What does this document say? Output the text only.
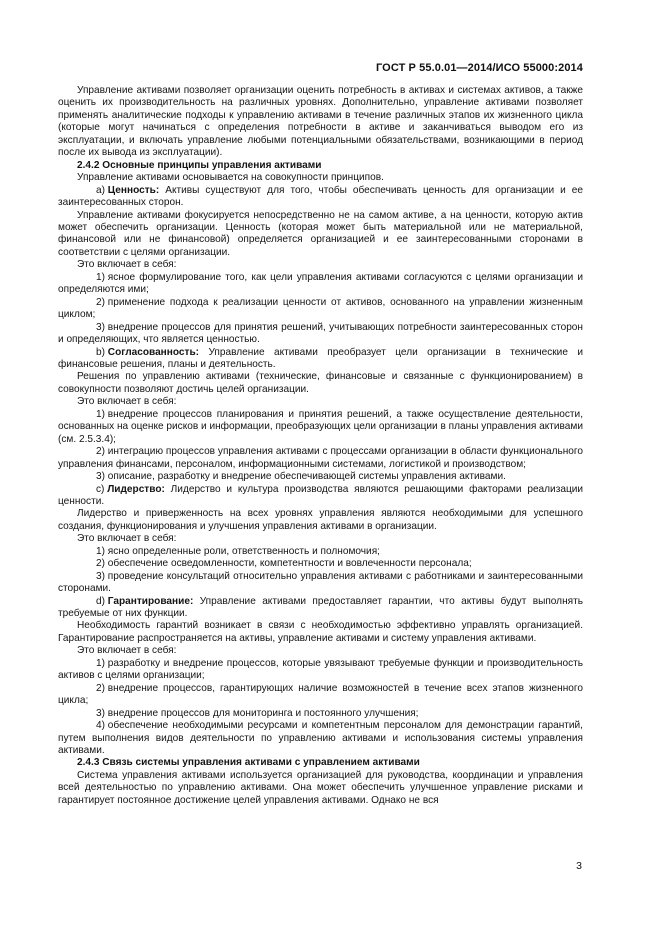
ГОСТ Р 55.0.01—2014/ИСО 55000:2014

Управление активами позволяет организации оценить потребность в активах и системах активов, а также оценить их производительность на различных уровнях. Дополнительно, управление активами позволяет применять аналитические подходы к управлению активами в течение различных этапов их жизненного цикла (которые могут начинаться с определения потребности в активе и заканчиваться выводом его из эксплуатации, и включать управление любыми потенциальными обязательствами, возникающими в период после их вывода из эксплуатации).

2.4.2 Основные принципы управления активами

Управление активами основывается на совокупности принципов.

a) Ценность: Активы существуют для того, чтобы обеспечивать ценность для организации и ее заинтересованных сторон.

Управление активами фокусируется непосредственно не на самом активе, а на ценности, которую актив может обеспечить организации. Ценность (которая может быть материальной или не материальной, финансовой или не финансовой) определяется организацией и ее заинтересованными сторонами в соответствии с целями организации.

Это включает в себя:

1) ясное формулирование того, как цели управления активами согласуются с целями организации и определяются ими;

2) применение подхода к реализации ценности от активов, основанного на управлении жизненным циклом;

3) внедрение процессов для принятия решений, учитывающих потребности заинтересованных сторон и определяющих, что является ценностью.

b) Согласованность: Управление активами преобразует цели организации в технические и финансовые решения, планы и деятельность.

Решения по управлению активами (технические, финансовые и связанные с функционированием) в совокупности позволяют достичь целей организации.

Это включает в себя:

1) внедрение процессов планирования и принятия решений, а также осуществление деятельности, основанных на оценке рисков и информации, преобразующих цели организации в планы управления активами (см. 2.5.3.4);

2) интеграцию процессов управления активами с процессами организации в области функционального управления финансами, персоналом, информационными системами, логистикой и производством;

3) описание, разработку и внедрение обеспечивающей системы управления активами.

c) Лидерство: Лидерство и культура производства являются решающими факторами реализации ценности.

Лидерство и приверженность на всех уровнях управления являются необходимыми для успешного создания, функционирования и улучшения управления активами в организации.

Это включает в себя:

1) ясно определенные роли, ответственность и полномочия;

2) обеспечение осведомленности, компетентности и вовлеченности персонала;

3) проведение консультаций относительно управления активами с работниками и заинтересованными сторонами.

d) Гарантирование: Управление активами предоставляет гарантии, что активы будут выполнять требуемые от них функции.

Необходимость гарантий возникает в связи с необходимостью эффективно управлять организацией. Гарантирование распространяется на активы, управление активами и систему управления активами.

Это включает в себя:

1) разработку и внедрение процессов, которые увязывают требуемые функции и производительность активов с целями организации;

2) внедрение процессов, гарантирующих наличие возможностей в течение всех этапов жизненного цикла;

3) внедрение процессов для мониторинга и постоянного улучшения;

4) обеспечение необходимыми ресурсами и компетентным персоналом для демонстрации гарантий, путем выполнения видов деятельности по управлению активами и использования системы управления активами.

2.4.3 Связь системы управления активами с управлением активами

Система управления активами используется организацией для руководства, координации и управления всей деятельностью по управлению активами. Она может обеспечить улучшенное управление рисками и гарантирует постоянное достижение целей управления активами. Однако не вся

3
